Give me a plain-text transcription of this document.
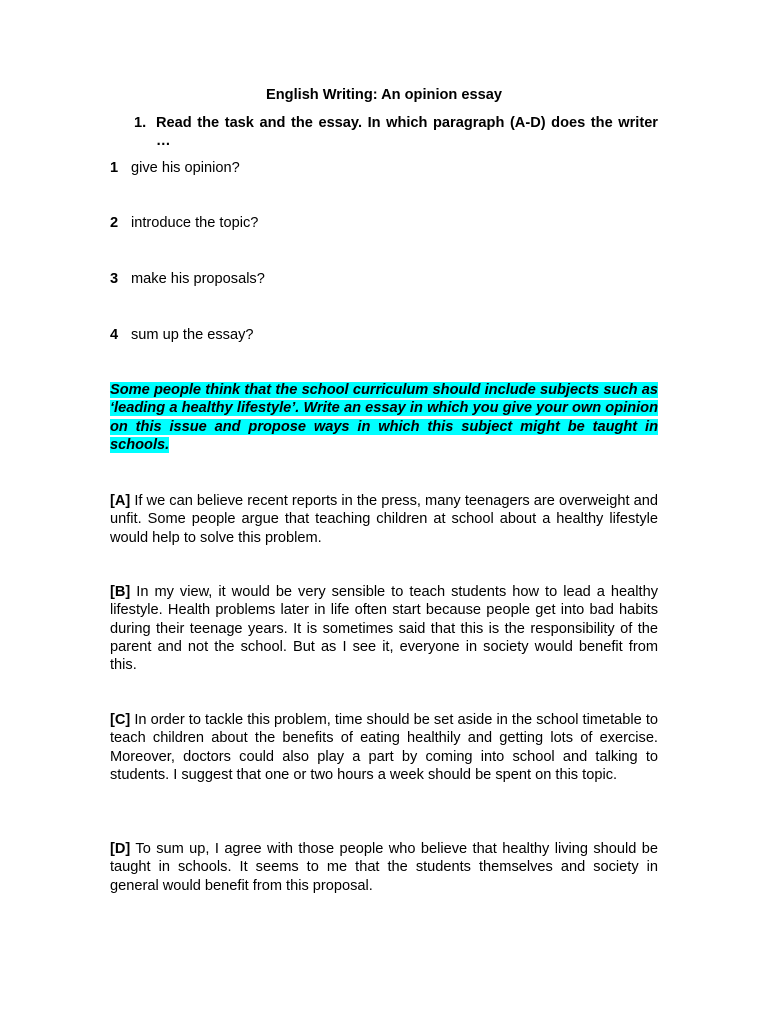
English Writing: An opinion essay
1. Read the task and the essay. In which paragraph (A-D) does the writer …
1 give his opinion?
2 introduce the topic?
3 make his proposals?
4 sum up the essay?
Some people think that the school curriculum should include subjects such as ‘leading a healthy lifestyle’. Write an essay in which you give your own opinion on this issue and propose ways in which this subject might be taught in schools.
[A] If we can believe recent reports in the press, many teenagers are overweight and unfit. Some people argue that teaching children at school about a healthy lifestyle would help to solve this problem.
[B] In my view, it would be very sensible to teach students how to lead a healthy lifestyle. Health problems later in life often start because people get into bad habits during their teenage years. It is sometimes said that this is the responsibility of the parent and not the school. But as I see it, everyone in society would benefit from this.
[C] In order to tackle this problem, time should be set aside in the school timetable to teach children about the benefits of eating healthily and getting lots of exercise. Moreover, doctors could also play a part by coming into school and talking to students. I suggest that one or two hours a week should be spent on this topic.
[D] To sum up, I agree with those people who believe that healthy living should be taught in schools. It seems to me that the students themselves and society in general would benefit from this proposal.
